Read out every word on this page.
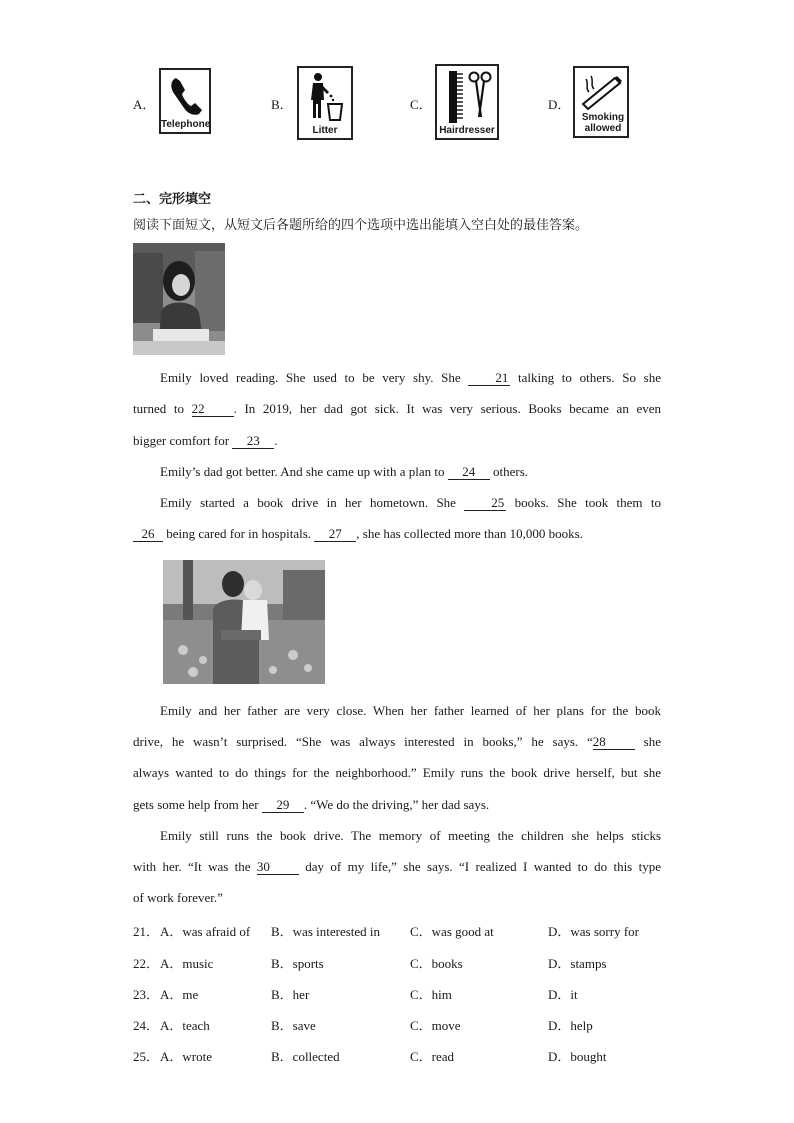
A．
Telephone
B．
Litter
C．
Hairdresser
D．
Smoking allowed
二、完形填空
阅读下面短文，从短文后各题所给的四个选项中选出能填入空白处的最佳答案。
Emily loved reading. She used to be very shy. She 21 talking to others. So she
turned to 22 . In 2019, her dad got sick. It was very serious. Books became an even
bigger comfort for 23 .
Emily’s dad got better. And she came up with a plan to 24 others.
Emily started a book drive in her hometown. She 25 books. She took them to
26 being cared for in hospitals. 27 , she has collected more than 10,000 books.
Emily and her father are very close. When her father learned of her plans for the book
drive, he wasn’t surprised. “She was always interested in books,” he says. “28 she
always wanted to do things for the neighborhood.” Emily runs the book drive herself, but she
gets some help from her 29 . “We do the driving,” her dad says.
Emily still runs the book drive. The memory of meeting the children she helps sticks
with her. “It was the 30 day of my life,” she says. “I realized I wanted to do this type
of work forever.”
21． A．was afraid of B．was interested in C．was good at	D．was sorry for
22． A．music	B．sports	C．books	D．stamps
23． A．me	B．her	C．him	D．it
24． A．teach	B．save	C．move	D．help
25． A．wrote	B．collected	C．read	D．bought
